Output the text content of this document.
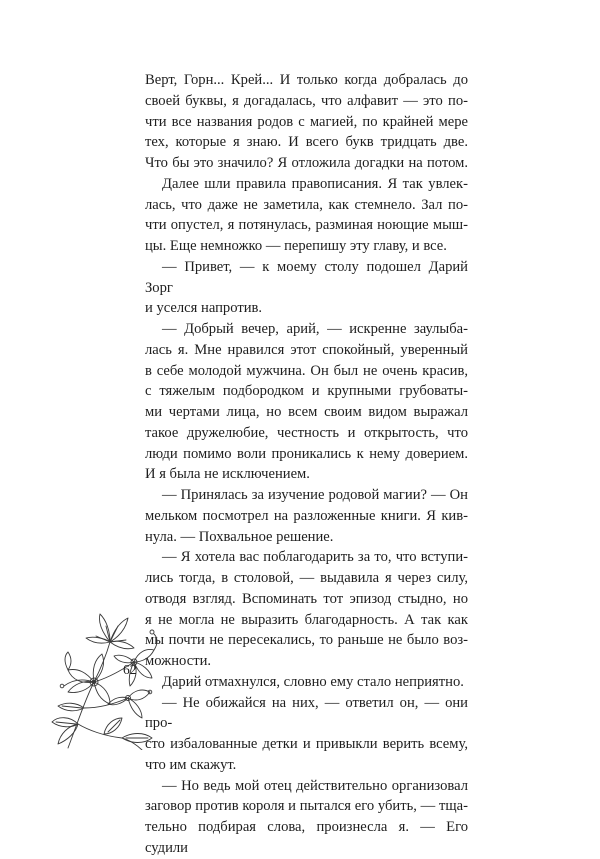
Верт, Горн... Крей... И только когда добралась до
своей буквы, я догадалась, что алфавит — это по-
чти все названия родов с магией, по крайней мере
тех, которые я знаю. И всего букв тридцать две.
Что бы это значило? Я отложила догадки на потом.
Далее шли правила правописания. Я так увлек-
лась, что даже не заметила, как стемнело. Зал по-
чти опустел, я потянулась, разминая ноющие мыш-
цы. Еще немножко — перепишу эту главу, и все.
— Привет, — к моему столу подошел Дарий Зорг
и уселся напротив.
— Добрый вечер, арий, — искренне заулыба-
лась я. Мне нравился этот спокойный, уверенный
в себе молодой мужчина. Он был не очень красив,
с тяжелым подбородком и крупными грубоваты-
ми чертами лица, но всем своим видом выражал
такое дружелюбие, честность и открытость, что
люди помимо воли проникались к нему доверием.
И я была не исключением.
— Принялась за изучение родовой магии? — Он
мельком посмотрел на разложенные книги. Я кив-
нула. — Похвальное решение.
— Я хотела вас поблагодарить за то, что вступи-
лись тогда, в столовой, — выдавила я через силу,
отводя взгляд. Вспоминать тот эпизод стыдно, но
я не могла не выразить благодарность. А так как
мы почти не пересекались, то раньше не было воз-
можности.
Дарий отмахнулся, словно ему стало неприятно.
— Не обижайся на них, — ответил он, — они про-
сто избалованные детки и привыкли верить всему,
что им скажут.
— Но ведь мой отец действительно организовал
заговор против короля и пытался его убить, — тща-
тельно подбирая слова, произнесла я. — Его судили
62
